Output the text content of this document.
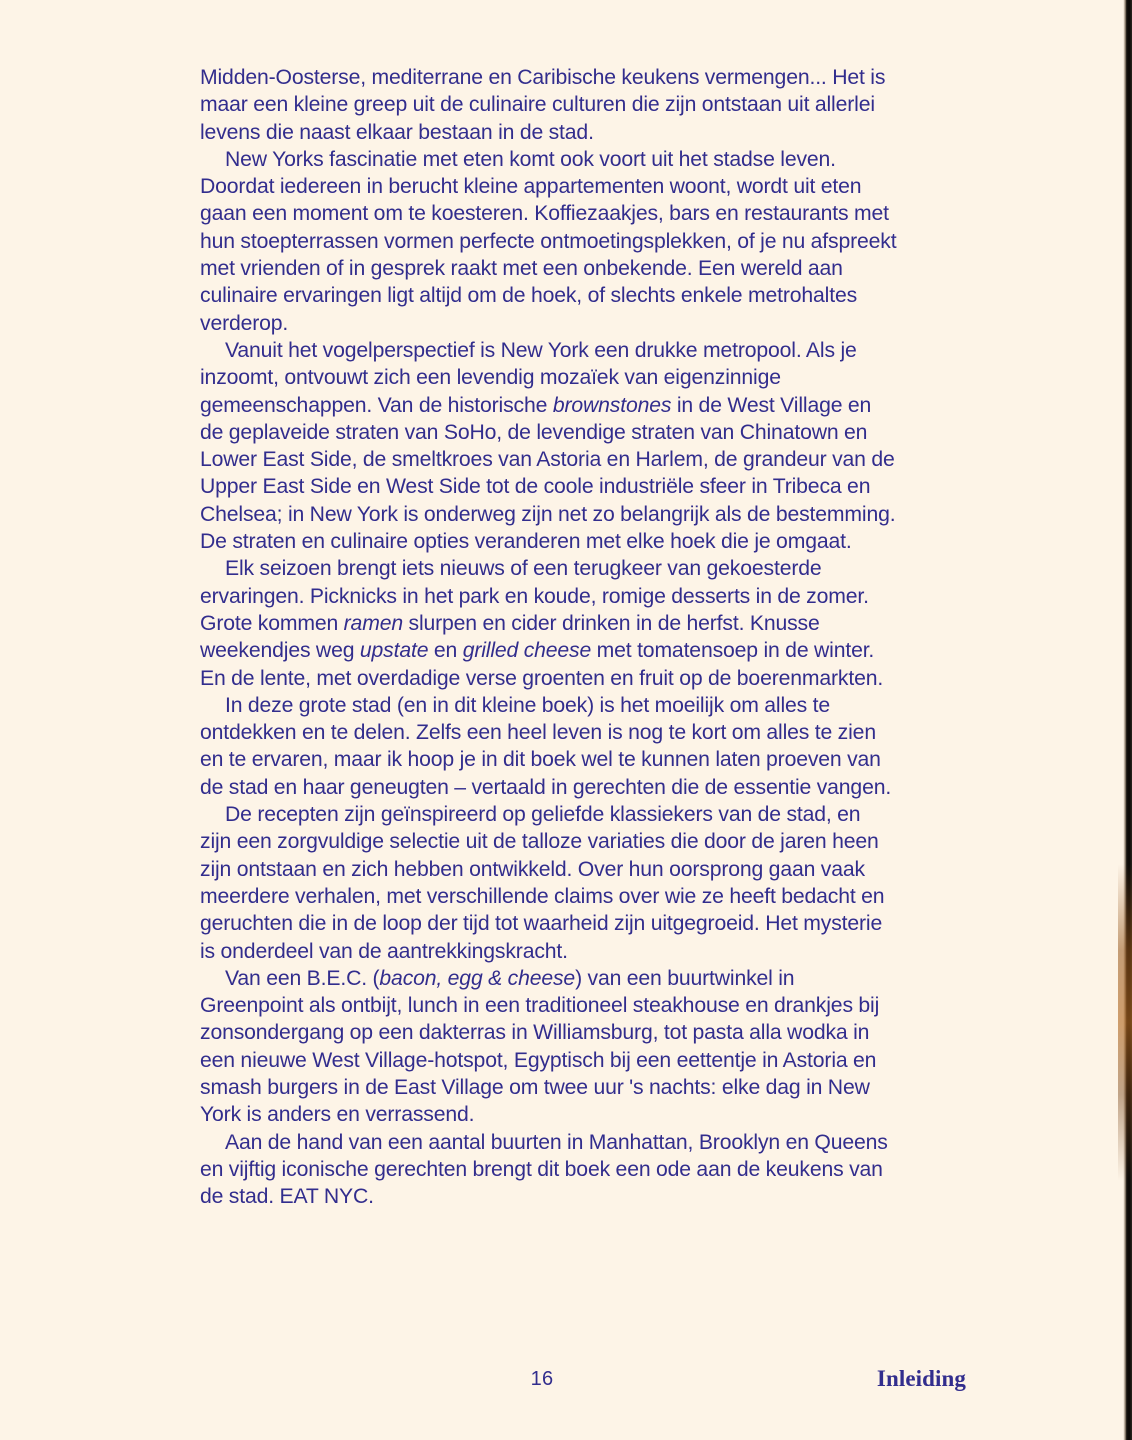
Midden-Oosterse, mediterrane en Caribische keukens vermengen... Het is maar een kleine greep uit de culinaire culturen die zijn ontstaan uit allerlei levens die naast elkaar bestaan in de stad.

New Yorks fascinatie met eten komt ook voort uit het stadse leven. Doordat iedereen in berucht kleine appartementen woont, wordt uit eten gaan een moment om te koesteren. Koffiezaakjes, bars en restaurants met hun stoepterrassen vormen perfecte ontmoetingsplekken, of je nu afspreekt met vrienden of in gesprek raakt met een onbekende. Een wereld aan culinaire ervaringen ligt altijd om de hoek, of slechts enkele metrohaltes verderop.

Vanuit het vogelperspectief is New York een drukke metropool. Als je inzoomt, ontvouwt zich een levendig mozaïek van eigenzinnige gemeenschappen. Van de historische brownstones in de West Village en de geplaveide straten van SoHo, de levendige straten van Chinatown en Lower East Side, de smeltkroes van Astoria en Harlem, de grandeur van de Upper East Side en West Side tot de coole industriële sfeer in Tribeca en Chelsea; in New York is onderweg zijn net zo belangrijk als de bestemming. De straten en culinaire opties veranderen met elke hoek die je omgaat.

Elk seizoen brengt iets nieuws of een terugkeer van gekoesterde ervaringen. Picknicks in het park en koude, romige desserts in de zomer. Grote kommen ramen slurpen en cider drinken in de herfst. Knusse weekendjes weg upstate en grilled cheese met tomatensoep in de winter. En de lente, met overdadige verse groenten en fruit op de boerenmarkten.

In deze grote stad (en in dit kleine boek) is het moeilijk om alles te ontdekken en te delen. Zelfs een heel leven is nog te kort om alles te zien en te ervaren, maar ik hoop je in dit boek wel te kunnen laten proeven van de stad en haar geneugten – vertaald in gerechten die de essentie vangen.

De recepten zijn geïnspireerd op geliefde klassiekers van de stad, en zijn een zorgvuldige selectie uit de talloze variaties die door de jaren heen zijn ontstaan en zich hebben ontwikkeld. Over hun oorsprong gaan vaak meerdere verhalen, met verschillende claims over wie ze heeft bedacht en geruchten die in de loop der tijd tot waarheid zijn uitgegroeid. Het mysterie is onderdeel van de aantrekkingskracht.

Van een B.E.C. (bacon, egg & cheese) van een buurtwinkel in Greenpoint als ontbijt, lunch in een traditioneel steakhouse en drankjes bij zonsondergang op een dakterras in Williamsburg, tot pasta alla wodka in een nieuwe West Village-hotspot, Egyptisch bij een eettentje in Astoria en smash burgers in de East Village om twee uur 's nachts: elke dag in New York is anders en verrassend.

Aan de hand van een aantal buurten in Manhattan, Brooklyn en Queens en vijftig iconische gerechten brengt dit boek een ode aan de keukens van de stad. EAT NYC.

16	Inleiding
